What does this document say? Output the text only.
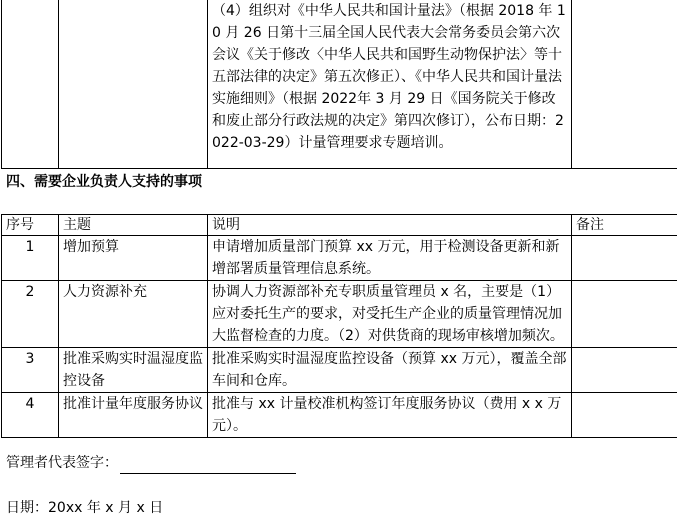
		（4）组织对《中华人民共和国计量法》（根据 2018 年 10 月 26 日第十三届全国人民代表大会常务委员会第六次会议《关于修改〈中华人民共和国野生动物保护法〉等十五部法律的决定》第五次修正）、《中华人民共和国计量法实施细则》（根据 2022年 3 月 29 日《国务院关于修改和废止部分行政法规的决定》第四次修订），公布日期：2022-03-29）计量管理要求专题培训。	
四、需要企业负责人支持的事项
序号	主题	说明	备注
1	增加预算	申请增加质量部门预算 xx 万元，用于检测设备更新和新增部署质量管理信息系统。	
2	人力资源补充	协调人力资源部补充专职质量管理员 x 名，主要是（1）应对委托生产的要求，对受托生产企业的质量管理情况加大监督检查的力度。（2）对供货商的现场审核增加频次。	
3	批准采购实时温湿度监控设备	批准采购实时温湿度监控设备（预算 xx 万元），覆盖全部车间和仓库。	
4	批准计量年度服务协议	批准与 xx 计量校准机构签订年度服务协议（费用 x x 万元）。	
管理者代表签字：
日期：20xx 年 x 月 x 日
